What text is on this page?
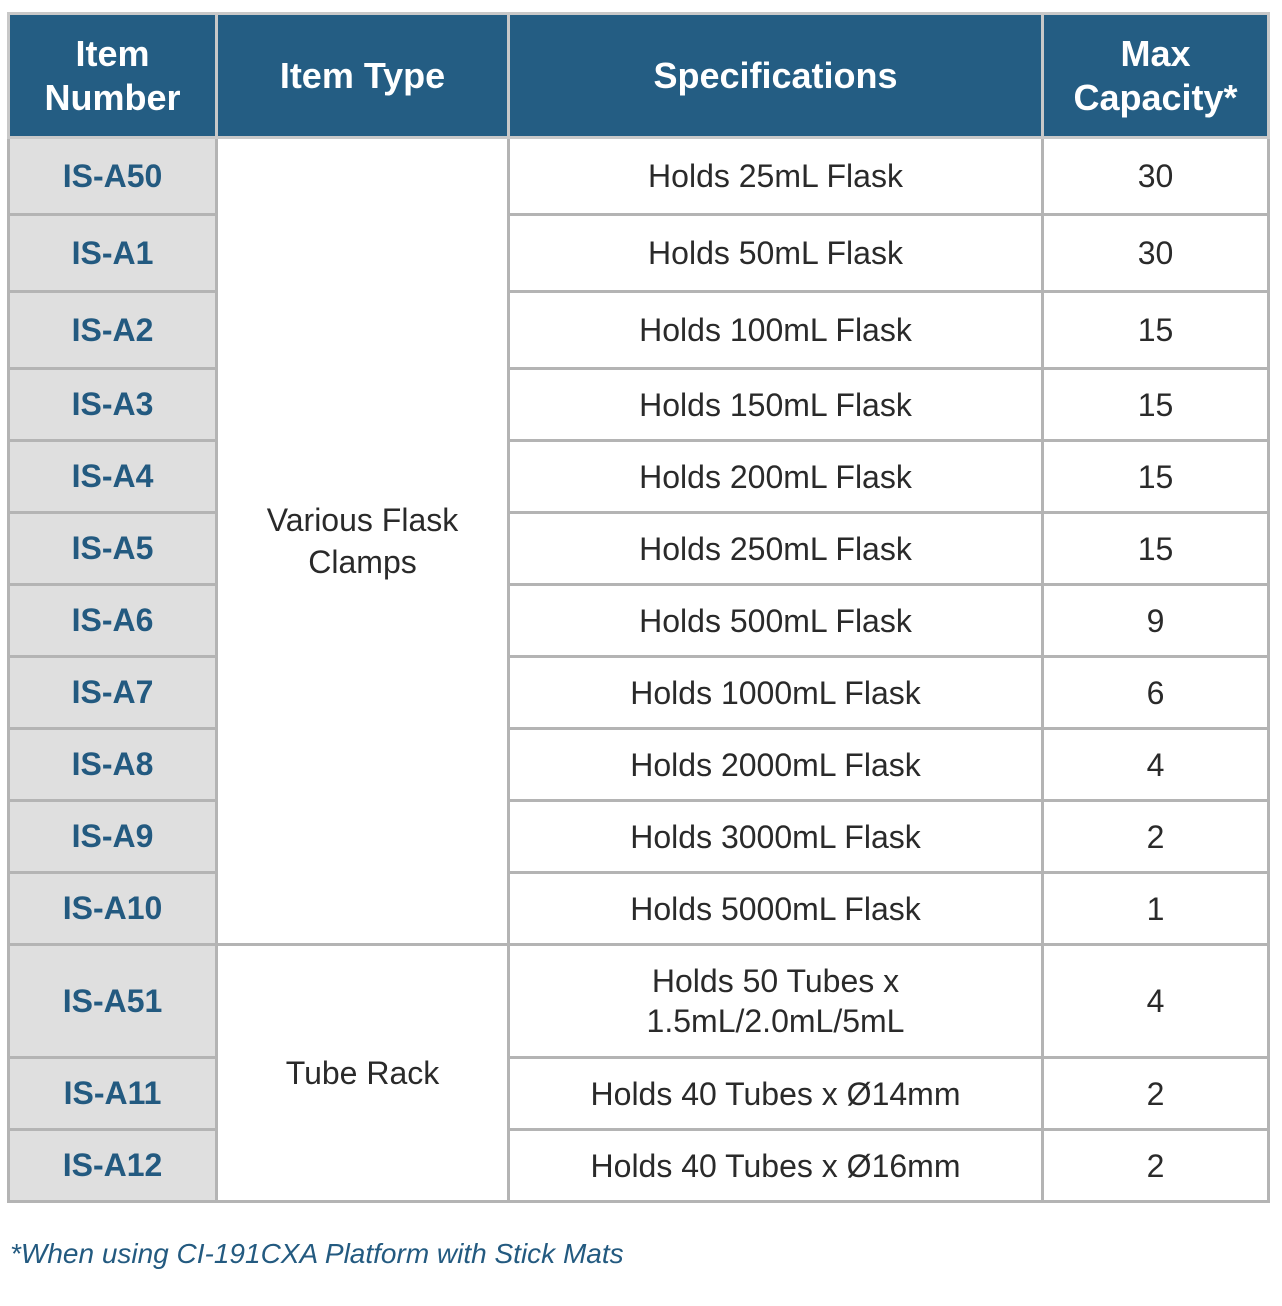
Item Number	Item Type	Specifications	Max Capacity*
IS-A50	Various Flask Clamps	Holds 25mL Flask	30
IS-A1		Holds 50mL Flask	30
IS-A2		Holds 100mL Flask	15
IS-A3		Holds 150mL Flask	15
IS-A4		Holds 200mL Flask	15
IS-A5		Holds 250mL Flask	15
IS-A6		Holds 500mL Flask	9
IS-A7		Holds 1000mL Flask	6
IS-A8		Holds 2000mL Flask	4
IS-A9		Holds 3000mL Flask	2
IS-A10		Holds 5000mL Flask	1
IS-A51	Tube Rack	Holds 50 Tubes x 1.5mL/2.0mL/5mL	4
IS-A11		Holds 40 Tubes x Ø14mm	2
IS-A12		Holds 40 Tubes x Ø16mm	2
*When using CI-191CXA Platform with Stick Mats
